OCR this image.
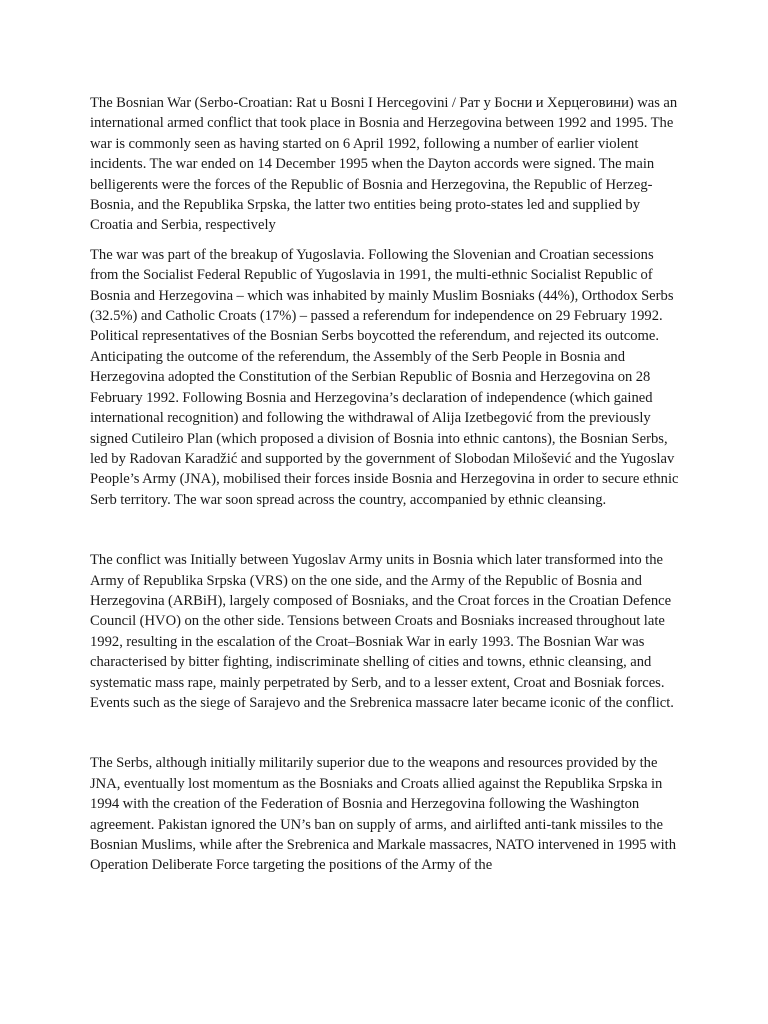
The Bosnian War (Serbo-Croatian: Rat u Bosni I Hercegovini / Рат у Босни и Херцеговини) was an international armed conflict that took place in Bosnia and Herzegovina between 1992 and 1995. The war is commonly seen as having started on 6 April 1992, following a number of earlier violent incidents. The war ended on 14 December 1995 when the Dayton accords were signed. The main belligerents were the forces of the Republic of Bosnia and Herzegovina, the Republic of Herzeg-Bosnia, and the Republika Srpska, the latter two entities being proto-states led and supplied by Croatia and Serbia, respectively

The war was part of the breakup of Yugoslavia. Following the Slovenian and Croatian secessions from the Socialist Federal Republic of Yugoslavia in 1991, the multi-ethnic Socialist Republic of Bosnia and Herzegovina – which was inhabited by mainly Muslim Bosniaks (44%), Orthodox Serbs (32.5%) and Catholic Croats (17%) – passed a referendum for independence on 29 February 1992. Political representatives of the Bosnian Serbs boycotted the referendum, and rejected its outcome. Anticipating the outcome of the referendum, the Assembly of the Serb People in Bosnia and Herzegovina adopted the Constitution of the Serbian Republic of Bosnia and Herzegovina on 28 February 1992. Following Bosnia and Herzegovina’s declaration of independence (which gained international recognition) and following the withdrawal of Alija Izetbegović from the previously signed Cutileiro Plan (which proposed a division of Bosnia into ethnic cantons), the Bosnian Serbs, led by Radovan Karadžić and supported by the government of Slobodan Milošević and the Yugoslav People’s Army (JNA), mobilised their forces inside Bosnia and Herzegovina in order to secure ethnic Serb territory. The war soon spread across the country, accompanied by ethnic cleansing.

The conflict was Initially between Yugoslav Army units in Bosnia which later transformed into the Army of Republika Srpska (VRS) on the one side, and the Army of the Republic of Bosnia and Herzegovina (ARBiH), largely composed of Bosniaks, and the Croat forces in the Croatian Defence Council (HVO) on the other side. Tensions between Croats and Bosniaks increased throughout late 1992, resulting in the escalation of the Croat–Bosniak War in early 1993. The Bosnian War was characterised by bitter fighting, indiscriminate shelling of cities and towns, ethnic cleansing, and systematic mass rape, mainly perpetrated by Serb, and to a lesser extent, Croat and Bosniak forces. Events such as the siege of Sarajevo and the Srebrenica massacre later became iconic of the conflict.

The Serbs, although initially militarily superior due to the weapons and resources provided by the JNA, eventually lost momentum as the Bosniaks and Croats allied against the Republika Srpska in 1994 with the creation of the Federation of Bosnia and Herzegovina following the Washington agreement. Pakistan ignored the UN’s ban on supply of arms, and airlifted anti-tank missiles to the Bosnian Muslims, while after the Srebrenica and Markale massacres, NATO intervened in 1995 with Operation Deliberate Force targeting the positions of the Army of the
